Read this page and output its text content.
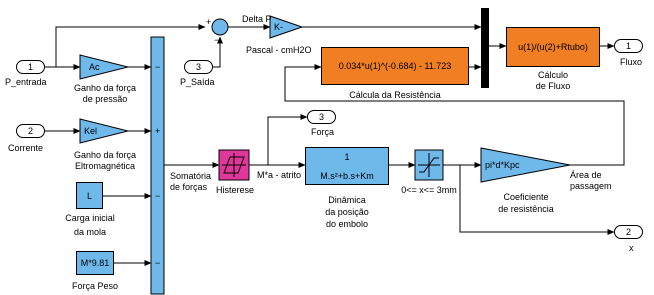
0.034*u(1)^(-0.684) - 11.723
u(1)/(u(2)+Rtubo)
1
M.s²+b.s+Km
L
M*9.81
Ac
Kel
K-
pi*d*Kpc
+
−
−
+
−
−
1
2
3
1
3
2
P_entrada
Corrente
P_Saída
Fluxo
Força
x
Ganho da força
de pressão
Ganho da força
Eltromagnética
Carga inicial
da mola
Força Peso
Pascal - cmH2O
Cálcula da Resistência
Cálculo
de Fluxo
Histerese
Dinâmica
da posição
do embolo
0<= x<= 3mm
Coeficiente
de resistência
Somatória
de forças
Delta P
M*a - atrito	Área de
passagem
